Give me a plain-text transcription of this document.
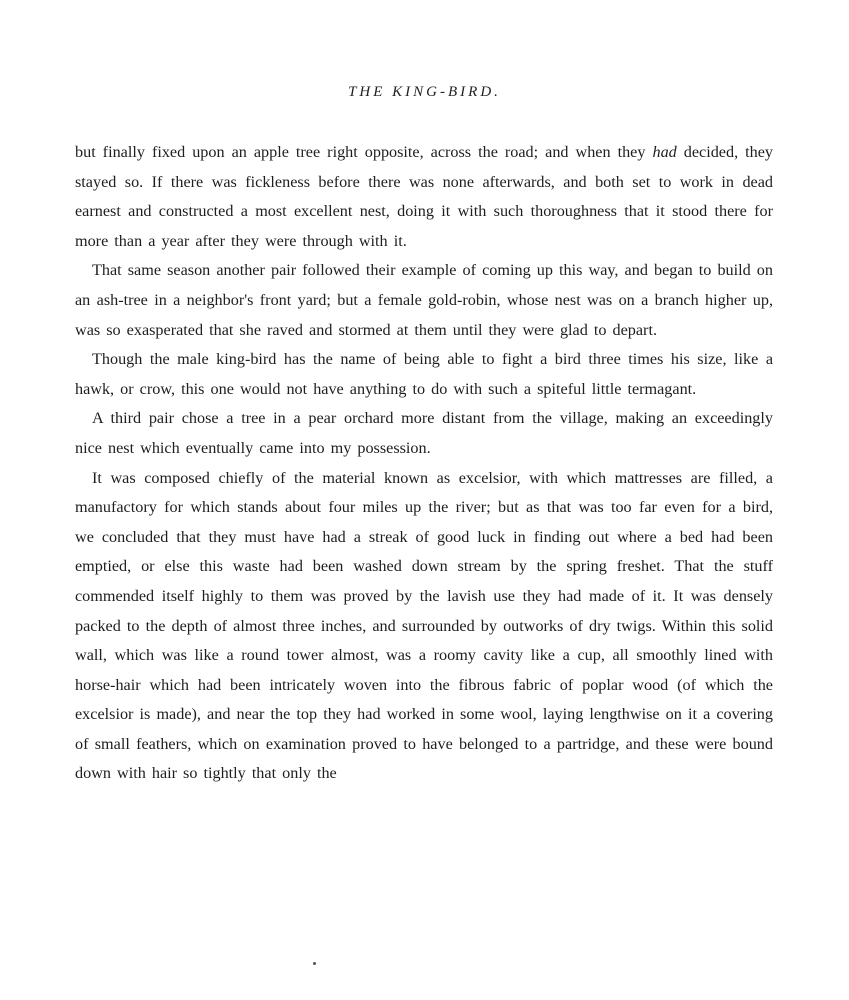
THE KING-BIRD.

but finally fixed upon an apple tree right opposite, across the road; and when they had decided, they stayed so. If there was fickleness before there was none afterwards, and both set to work in dead earnest and constructed a most excellent nest, doing it with such thoroughness that it stood there for more than a year after they were through with it.

That same season another pair followed their example of coming up this way, and began to build on an ash-tree in a neighbor's front yard; but a female gold-robin, whose nest was on a branch higher up, was so exasperated that she raved and stormed at them until they were glad to depart.

Though the male king-bird has the name of being able to fight a bird three times his size, like a hawk, or crow, this one would not have anything to do with such a spiteful little termagant.

A third pair chose a tree in a pear orchard more distant from the village, making an exceedingly nice nest which eventually came into my possession.

It was composed chiefly of the material known as excelsior, with which mattresses are filled, a manufactory for which stands about four miles up the river; but as that was too far even for a bird, we concluded that they must have had a streak of good luck in finding out where a bed had been emptied, or else this waste had been washed down stream by the spring freshet. That the stuff commended itself highly to them was proved by the lavish use they had made of it. It was densely packed to the depth of almost three inches, and surrounded by outworks of dry twigs. Within this solid wall, which was like a round tower almost, was a roomy cavity like a cup, all smoothly lined with horse-hair which had been intricately woven into the fibrous fabric of poplar wood (of which the excelsior is made), and near the top they had worked in some wool, laying lengthwise on it a covering of small feathers, which on examination proved to have belonged to a partridge, and these were bound down with hair so tightly that only the
